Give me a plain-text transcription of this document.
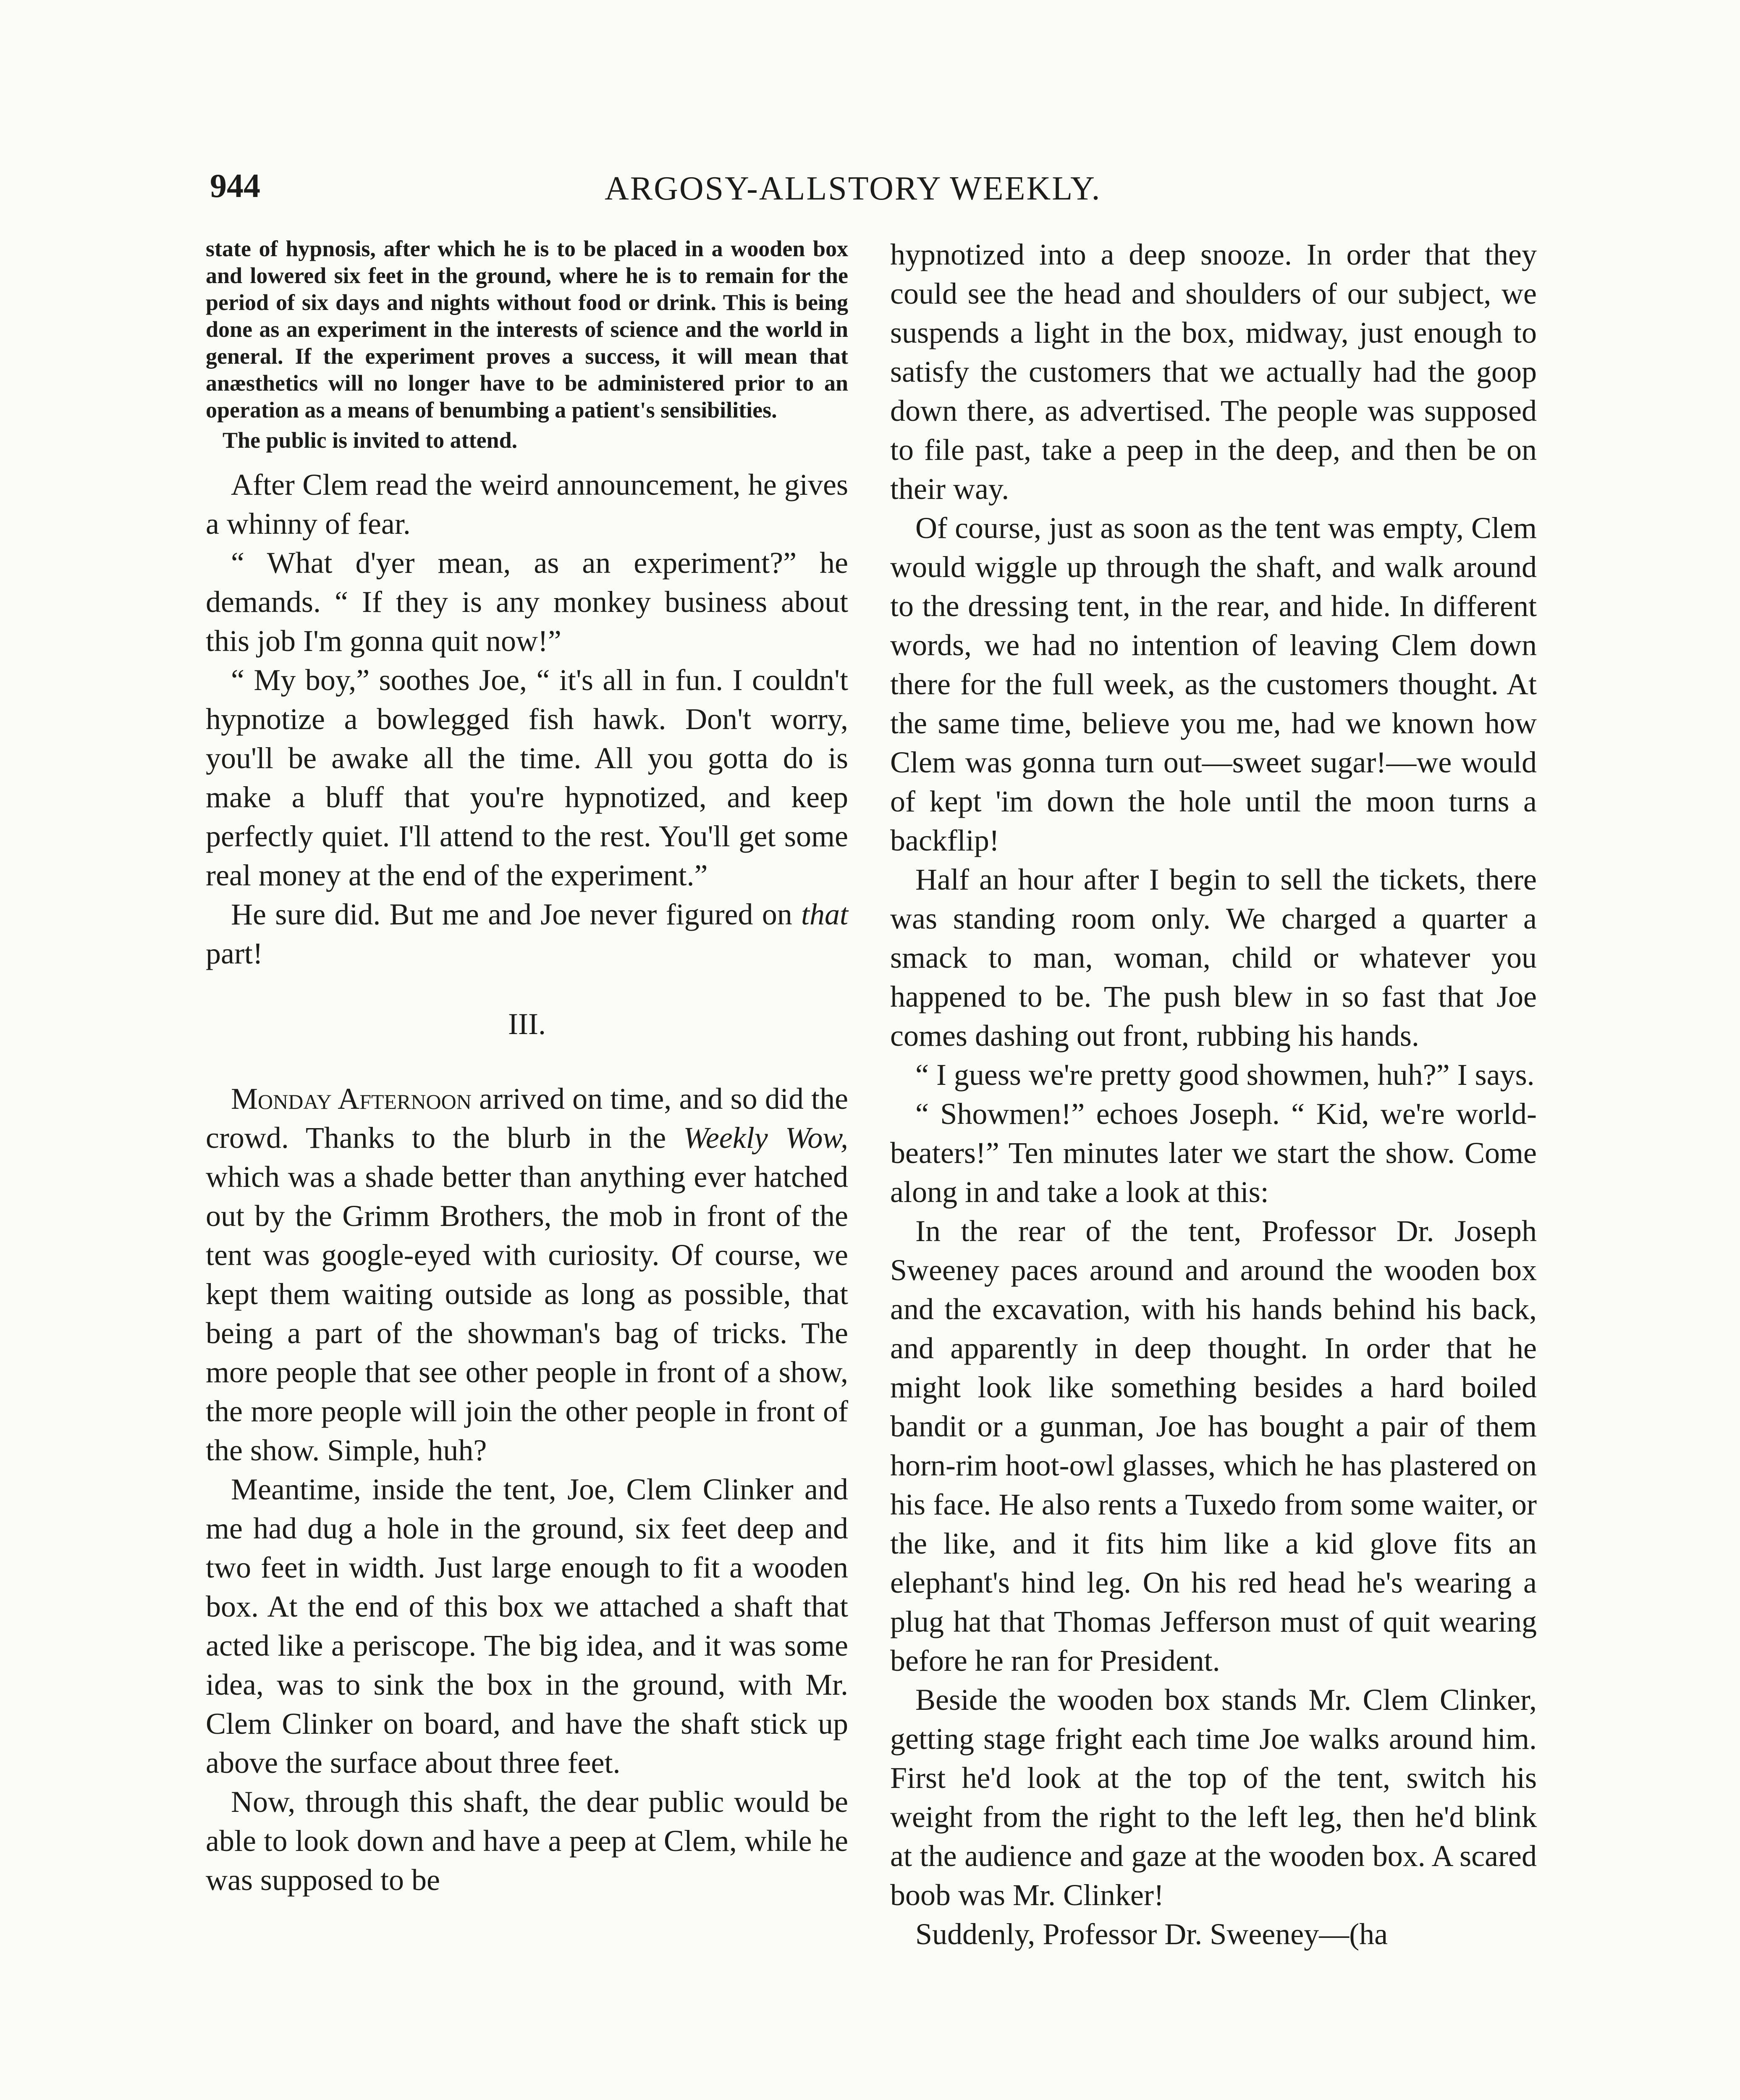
944	ARGOSY-ALLSTORY WEEKLY.

state of hypnosis, after which he is to be placed in a wooden box and lowered six feet in the ground, where he is to remain for the period of six days and nights without food or drink. This is being done as an experiment in the interests of science and the world in general. If the experiment proves a success, it will mean that anæsthetics will no longer have to be administered prior to an operation as a means of benumbing a patient's sensibilities.

The public is invited to attend.

After Clem read the weird announcement, he gives a whinny of fear.

“ What d'yer mean, as an experiment?” he demands. “ If they is any monkey business about this job I'm gonna quit now!”

“ My boy,” soothes Joe, “ it's all in fun. I couldn't hypnotize a bowlegged fish hawk. Don't worry, you'll be awake all the time. All you gotta do is make a bluff that you're hypnotized, and keep perfectly quiet. I'll attend to the rest. You'll get some real money at the end of the experiment.”

He sure did. But me and Joe never figured on that part!

III.

Monday Afternoon arrived on time, and so did the crowd. Thanks to the blurb in the Weekly Wow, which was a shade better than anything ever hatched out by the Grimm Brothers, the mob in front of the tent was google-eyed with curiosity. Of course, we kept them waiting outside as long as possible, that being a part of the showman's bag of tricks. The more people that see other people in front of a show, the more people will join the other people in front of the show. Simple, huh?

Meantime, inside the tent, Joe, Clem Clinker and me had dug a hole in the ground, six feet deep and two feet in width. Just large enough to fit a wooden box. At the end of this box we attached a shaft that acted like a periscope. The big idea, and it was some idea, was to sink the box in the ground, with Mr. Clem Clinker on board, and have the shaft stick up above the surface about three feet.

Now, through this shaft, the dear public would be able to look down and have a peep at Clem, while he was supposed to be

hypnotized into a deep snooze. In order that they could see the head and shoulders of our subject, we suspends a light in the box, midway, just enough to satisfy the customers that we actually had the goop down there, as advertised. The people was supposed to file past, take a peep in the deep, and then be on their way.

Of course, just as soon as the tent was empty, Clem would wiggle up through the shaft, and walk around to the dressing tent, in the rear, and hide. In different words, we had no intention of leaving Clem down there for the full week, as the customers thought. At the same time, believe you me, had we known how Clem was gonna turn out—sweet sugar!—we would of kept 'im down the hole until the moon turns a backflip!

Half an hour after I begin to sell the tickets, there was standing room only. We charged a quarter a smack to man, woman, child or whatever you happened to be. The push blew in so fast that Joe comes dashing out front, rubbing his hands.

“ I guess we're pretty good showmen, huh?” I says.

“ Showmen!” echoes Joseph. “ Kid, we're world-beaters!” Ten minutes later we start the show. Come along in and take a look at this:

In the rear of the tent, Professor Dr. Joseph Sweeney paces around and around the wooden box and the excavation, with his hands behind his back, and apparently in deep thought. In order that he might look like something besides a hard boiled bandit or a gunman, Joe has bought a pair of them horn-rim hoot-owl glasses, which he has plastered on his face. He also rents a Tuxedo from some waiter, or the like, and it fits him like a kid glove fits an elephant's hind leg. On his red head he's wearing a plug hat that Thomas Jefferson must of quit wearing before he ran for President.

Beside the wooden box stands Mr. Clem Clinker, getting stage fright each time Joe walks around him. First he'd look at the top of the tent, switch his weight from the right to the left leg, then he'd blink at the audience and gaze at the wooden box. A scared boob was Mr. Clinker!

Suddenly, Professor Dr. Sweeney—(ha
